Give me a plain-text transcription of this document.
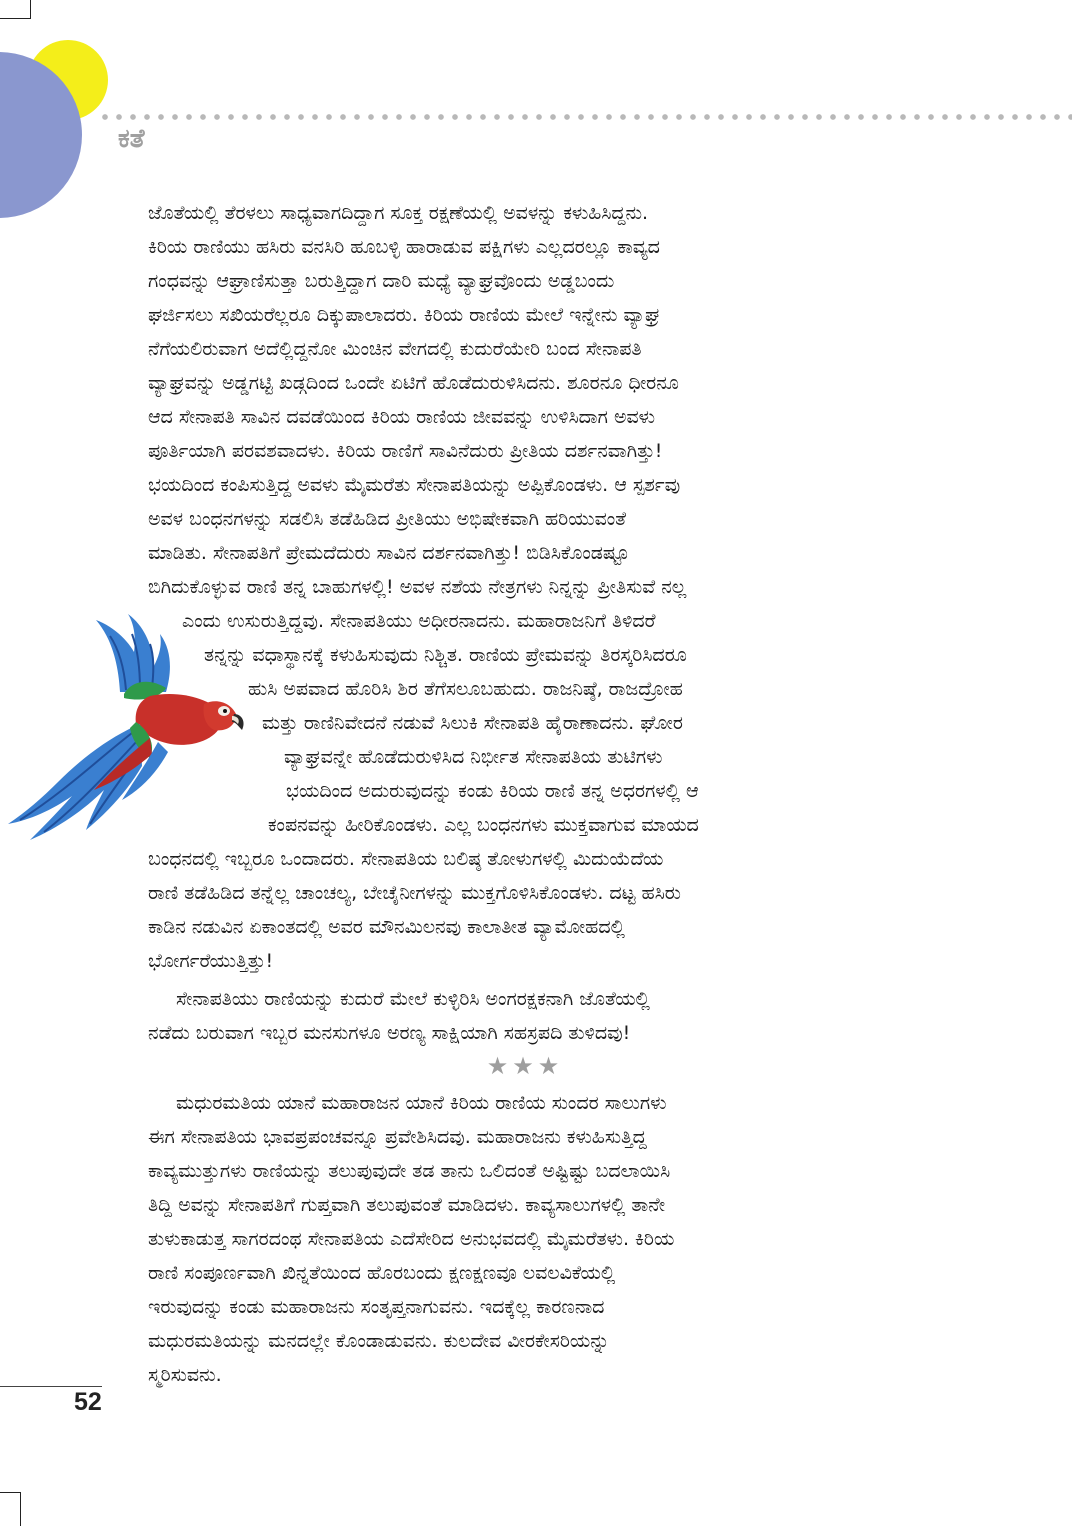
ಕತೆ

ಜೊತೆಯಲ್ಲಿ ತೆರಳಲು ಸಾಧ್ಯವಾಗದಿದ್ದಾಗ ಸೂಕ್ತ ರಕ್ಷಣೆಯಲ್ಲಿ ಅವಳನ್ನು ಕಳುಹಿಸಿದ್ದನು.

ಕಿರಿಯ ರಾಣಿಯು ಹಸಿರು ವನಸಿರಿ ಹೂಬಳ್ಳಿ ಹಾರಾಡುವ ಪಕ್ಷಿಗಳು ಎಲ್ಲದರಲ್ಲೂ ಕಾವ್ಯದ

ಗಂಧವನ್ನು ಆಘ್ರಾಣಿಸುತ್ತಾ ಬರುತ್ತಿದ್ದಾಗ ದಾರಿ ಮಧ್ಯೆ ವ್ಯಾಘ್ರವೊಂದು ಅಡ್ಡಬಂದು

ಘರ್ಜಿಸಲು ಸಖಿಯರೆಲ್ಲರೂ ದಿಕ್ಕುಪಾಲಾದರು. ಕಿರಿಯ ರಾಣಿಯ ಮೇಲೆ ಇನ್ನೇನು ವ್ಯಾಘ್ರ

ನೆಗೆಯಲಿರುವಾಗ ಅದೆಲ್ಲಿದ್ದನೋ ಮಿಂಚಿನ ವೇಗದಲ್ಲಿ ಕುದುರೆಯೇರಿ ಬಂದ ಸೇನಾಪತಿ

ವ್ಯಾಘ್ರವನ್ನು ಅಡ್ಡಗಟ್ಟಿ ಖಡ್ಗದಿಂದ ಒಂದೇ ಏಟಿಗೆ ಹೊಡೆದುರುಳಿಸಿದನು. ಶೂರನೂ ಧೀರನೂ

ಆದ ಸೇನಾಪತಿ ಸಾವಿನ ದವಡೆಯಿಂದ ಕಿರಿಯ ರಾಣಿಯ ಜೀವವನ್ನು ಉಳಿಸಿದಾಗ ಅವಳು

ಪೂರ್ತಿಯಾಗಿ ಪರವಶವಾದಳು. ಕಿರಿಯ ರಾಣಿಗೆ ಸಾವಿನೆದುರು ಪ್ರೀತಿಯ ದರ್ಶನವಾಗಿತ್ತು!

ಭಯದಿಂದ ಕಂಪಿಸುತ್ತಿದ್ದ ಅವಳು ಮೈಮರೆತು ಸೇನಾಪತಿಯನ್ನು ಅಪ್ಪಿಕೊಂಡಳು. ಆ ಸ್ಪರ್ಶವು

ಅವಳ ಬಂಧನಗಳನ್ನು ಸಡಲಿಸಿ ತಡೆಹಿಡಿದ ಪ್ರೀತಿಯು ಅಭಿಷೇಕವಾಗಿ ಹರಿಯುವಂತೆ

ಮಾಡಿತು. ಸೇನಾಪತಿಗೆ ಪ್ರೇಮದೆದುರು ಸಾವಿನ ದರ್ಶನವಾಗಿತ್ತು! ಬಿಡಿಸಿಕೊಂಡಷ್ಟೂ

ಬಿಗಿದುಕೊಳ್ಳುವ ರಾಣಿ ತನ್ನ ಬಾಹುಗಳಲ್ಲಿ! ಅವಳ ನಶೆಯ ನೇತ್ರಗಳು ನಿನ್ನನ್ನು ಪ್ರೀತಿಸುವೆ ನಲ್ಲ

ಎಂದು ಉಸುರುತ್ತಿದ್ದವು. ಸೇನಾಪತಿಯು ಅಧೀರನಾದನು. ಮಹಾರಾಜನಿಗೆ ತಿಳಿದರೆ

ತನ್ನನ್ನು ವಧಾಸ್ಥಾನಕ್ಕೆ ಕಳುಹಿಸುವುದು ನಿಶ್ಚಿತ. ರಾಣಿಯ ಪ್ರೇಮವನ್ನು ತಿರಸ್ಕರಿಸಿದರೂ

ಹುಸಿ ಅಪವಾದ ಹೊರಿಸಿ ಶಿರ ತೆಗೆಸಲೂಬಹುದು. ರಾಜನಿಷ್ಠೆ, ರಾಜದ್ರೋಹ

ಮತ್ತು ರಾಣಿನಿವೇದನೆ ನಡುವೆ ಸಿಲುಕಿ ಸೇನಾಪತಿ ಹೈರಾಣಾದನು. ಘೋರ

ವ್ಯಾಘ್ರವನ್ನೇ ಹೊಡೆದುರುಳಿಸಿದ ನಿರ್ಭೀತ ಸೇನಾಪತಿಯ ತುಟಿಗಳು

ಭಯದಿಂದ ಅದುರುವುದನ್ನು ಕಂಡು ಕಿರಿಯ ರಾಣಿ ತನ್ನ ಅಧರಗಳಲ್ಲಿ ಆ

ಕಂಪನವನ್ನು ಹೀರಿಕೊಂಡಳು. ಎಲ್ಲ ಬಂಧನಗಳು ಮುಕ್ತವಾಗುವ ಮಾಯದ

ಬಂಧನದಲ್ಲಿ ಇಬ್ಬರೂ ಒಂದಾದರು. ಸೇನಾಪತಿಯ ಬಲಿಷ್ಠ ತೋಳುಗಳಲ್ಲಿ ಮಿದುಯೆದೆಯ

ರಾಣಿ ತಡೆಹಿಡಿದ ತನ್ನೆಲ್ಲ ಚಾಂಚಲ್ಯ, ಬೇಚೈನೀಗಳನ್ನು ಮುಕ್ತಗೊಳಿಸಿಕೊಂಡಳು. ದಟ್ಟ ಹಸಿರು

ಕಾಡಿನ ನಡುವಿನ ಏಕಾಂತದಲ್ಲಿ ಅವರ ಮೌನಮಿಲನವು ಕಾಲಾತೀತ ವ್ಯಾಮೋಹದಲ್ಲಿ

ಭೋರ್ಗರೆಯುತ್ತಿತ್ತು!

ಸೇನಾಪತಿಯು ರಾಣಿಯನ್ನು ಕುದುರೆ ಮೇಲೆ ಕುಳ್ಳಿರಿಸಿ ಅಂಗರಕ್ಷಕನಾಗಿ ಜೊತೆಯಲ್ಲಿ

ನಡೆದು ಬರುವಾಗ ಇಬ್ಬರ ಮನಸುಗಳೂ ಅರಣ್ಯ ಸಾಕ್ಷಿಯಾಗಿ ಸಹಸ್ರಪದಿ ತುಳಿದವು!

★★★

ಮಧುರಮತಿಯ ಯಾನೆ ಮಹಾರಾಜನ ಯಾನೆ ಕಿರಿಯ ರಾಣಿಯ ಸುಂದರ ಸಾಲುಗಳು

ಈಗ ಸೇನಾಪತಿಯ ಭಾವಪ್ರಪಂಚವನ್ನೂ ಪ್ರವೇಶಿಸಿದವು. ಮಹಾರಾಜನು ಕಳುಹಿಸುತ್ತಿದ್ದ

ಕಾವ್ಯಮುತ್ತುಗಳು ರಾಣಿಯನ್ನು ತಲುಪುವುದೇ ತಡ ತಾನು ಒಲಿದಂತೆ ಅಷ್ಟಿಷ್ಟು ಬದಲಾಯಿಸಿ

ತಿದ್ದಿ ಅವನ್ನು ಸೇನಾಪತಿಗೆ ಗುಪ್ತವಾಗಿ ತಲುಪುವಂತೆ ಮಾಡಿದಳು. ಕಾವ್ಯಸಾಲುಗಳಲ್ಲಿ ತಾನೇ

ತುಳುಕಾಡುತ್ತ ಸಾಗರದಂಥ ಸೇನಾಪತಿಯ ಎದೆಸೇರಿದ ಅನುಭವದಲ್ಲಿ ಮೈಮರೆತಳು. ಕಿರಿಯ

ರಾಣಿ ಸಂಪೂರ್ಣವಾಗಿ ಖಿನ್ನತೆಯಿಂದ ಹೊರಬಂದು ಕ್ಷಣಕ್ಷಣವೂ ಲವಲವಿಕೆಯಲ್ಲಿ

ಇರುವುದನ್ನು ಕಂಡು ಮಹಾರಾಜನು ಸಂತೃಪ್ತನಾಗುವನು. ಇದಕ್ಕೆಲ್ಲ ಕಾರಣನಾದ

ಮಧುರಮತಿಯನ್ನು ಮನದಲ್ಲೇ ಕೊಂಡಾಡುವನು. ಕುಲದೇವ ವೀರಕೇಸರಿಯನ್ನು

ಸ್ಮರಿಸುವನು.

52
